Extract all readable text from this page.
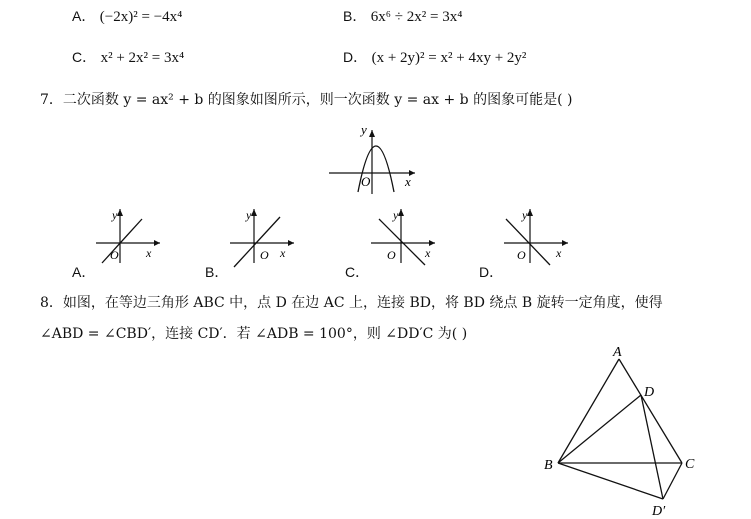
A． (−2x)² = −4x⁴	B． 6x⁶ ÷ 2x² = 3x⁴
C． x² + 2x² = 3x⁴	D． (x + 2y)² = x² + 4xy + 2y²
7．二次函数 y = ax² + b 的图象如图所示，则一次函数 y = ax + b 的图象可能是( )
y
x
O
y
O x
A．
y
O x
B．
y
O x
C．
y
O	x
D．
8．如图，在等边三角形 ABC 中，点 D 在边 AC 上，连接 BD，将 BD 绕点 B 旋转一定角度，使得
∠ABD = ∠CBD′，连接 CD′．若 ∠ADB = 100°，则 ∠DD′C 为( )
A
D
B	C
D′
